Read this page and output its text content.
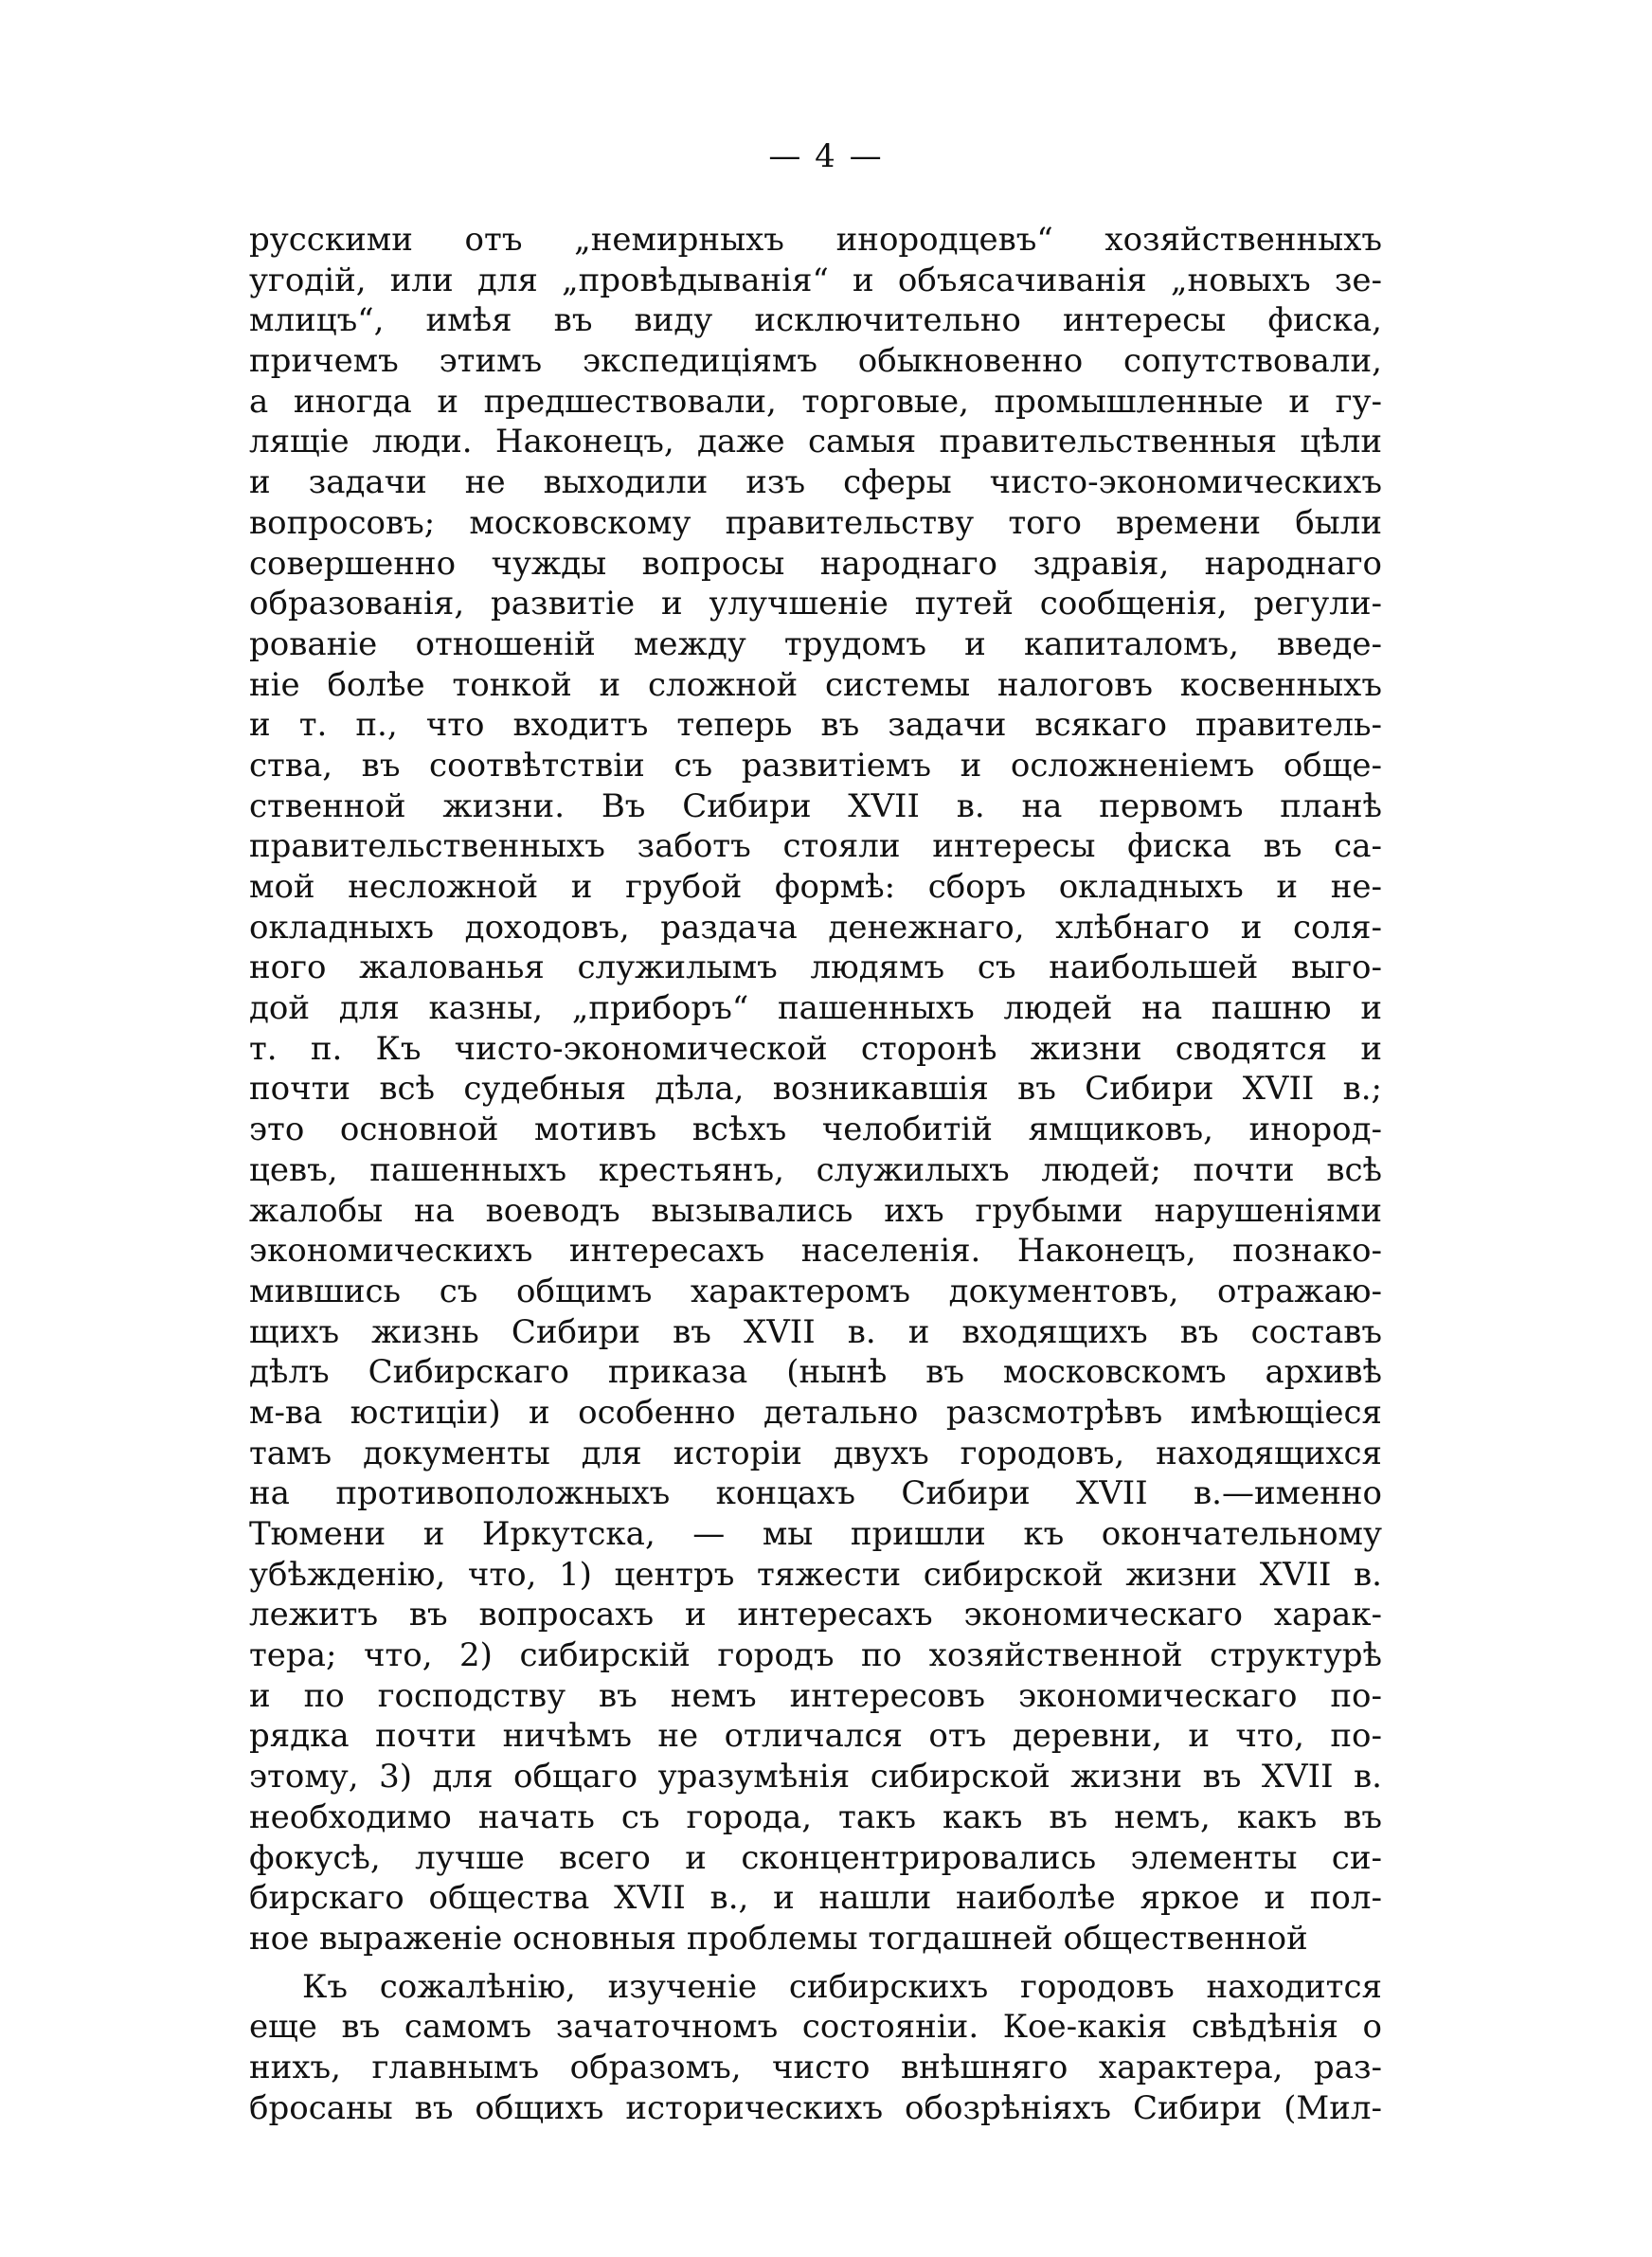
— 4 —
русскими отъ „немирныхъ инородцевъ“ хозяйственныхъ
угодій, или для „провѣдыванія“ и объясачиванія „новыхъ зе-
млицъ“, имѣя въ виду исключительно интересы фиска,
причемъ этимъ экспедиціямъ обыкновенно сопутствовали,
а иногда и предшествовали, торговые, промышленные и гу-
лящіе люди. Наконецъ, даже самыя правительственныя цѣли
и задачи не выходили изъ сферы чисто-экономическихъ
вопросовъ; московскому правительству того времени были
совершенно чужды вопросы народнаго здравія, народнаго
образованія, развитіе и улучшеніе путей сообщенія, регули-
рованіе отношеній между трудомъ и капиталомъ, введе-
ніе болѣе тонкой и сложной системы налоговъ косвенныхъ
и т. п., что входитъ теперь въ задачи всякаго правитель-
ства, въ соотвѣтствіи съ развитіемъ и осложненіемъ обще-
ственной жизни. Въ Сибири XVII в. на первомъ планѣ
правительственныхъ заботъ стояли интересы фиска въ са-
мой несложной и грубой формѣ: сборъ окладныхъ и не-
окладныхъ доходовъ, раздача денежнаго, хлѣбнаго и соля-
ного жалованья служилымъ людямъ съ наибольшей выго-
дой для казны, „приборъ“ пашенныхъ людей на пашню и
т. п. Къ чисто-экономической сторонѣ жизни сводятся и
почти всѣ судебныя дѣла, возникавшія въ Сибири XVII в.;
это основной мотивъ всѣхъ челобитій ямщиковъ, инород-
цевъ, пашенныхъ крестьянъ, служилыхъ людей; почти всѣ
жалобы на воеводъ вызывались ихъ грубыми нарушеніями
экономическихъ интересахъ населенія. Наконецъ, познако-
мившись съ общимъ характеромъ документовъ, отражаю-
щихъ жизнь Сибири въ XVII в. и входящихъ въ составъ
дѣлъ Сибирскаго приказа (нынѣ въ московскомъ архивѣ
м-ва юстиціи) и особенно детально разсмотрѣвъ имѣющіеся
тамъ документы для исторіи двухъ городовъ, находящихся
на противоположныхъ концахъ Сибири XVII в.—именно
Тюмени и Иркутска, — мы пришли къ окончательному
убѣжденію, что, 1) центръ тяжести сибирской жизни XVII в.
лежитъ въ вопросахъ и интересахъ экономическаго харак-
тера; что, 2) сибирскій городъ по хозяйственной структурѣ
и по господству въ немъ интересовъ экономическаго по-
рядка почти ничѣмъ не отличался отъ деревни, и что, по-
этому, 3) для общаго уразумѣнія сибирской жизни въ XVII в.
необходимо начать съ города, такъ какъ въ немъ, какъ въ
фокусѣ, лучше всего и сконцентрировались элементы си-
бирскаго общества XVII в., и нашли наиболѣе яркое и пол-
ное выраженіе основныя проблемы тогдашней общественной
Къ сожалѣнію, изученіе сибирскихъ городовъ находится
еще въ самомъ зачаточномъ состояніи. Кое-какія свѣдѣнія о
нихъ, главнымъ образомъ, чисто внѣшняго характера, раз-
бросаны въ общихъ историческихъ обозрѣніяхъ Сибири (Мил-
